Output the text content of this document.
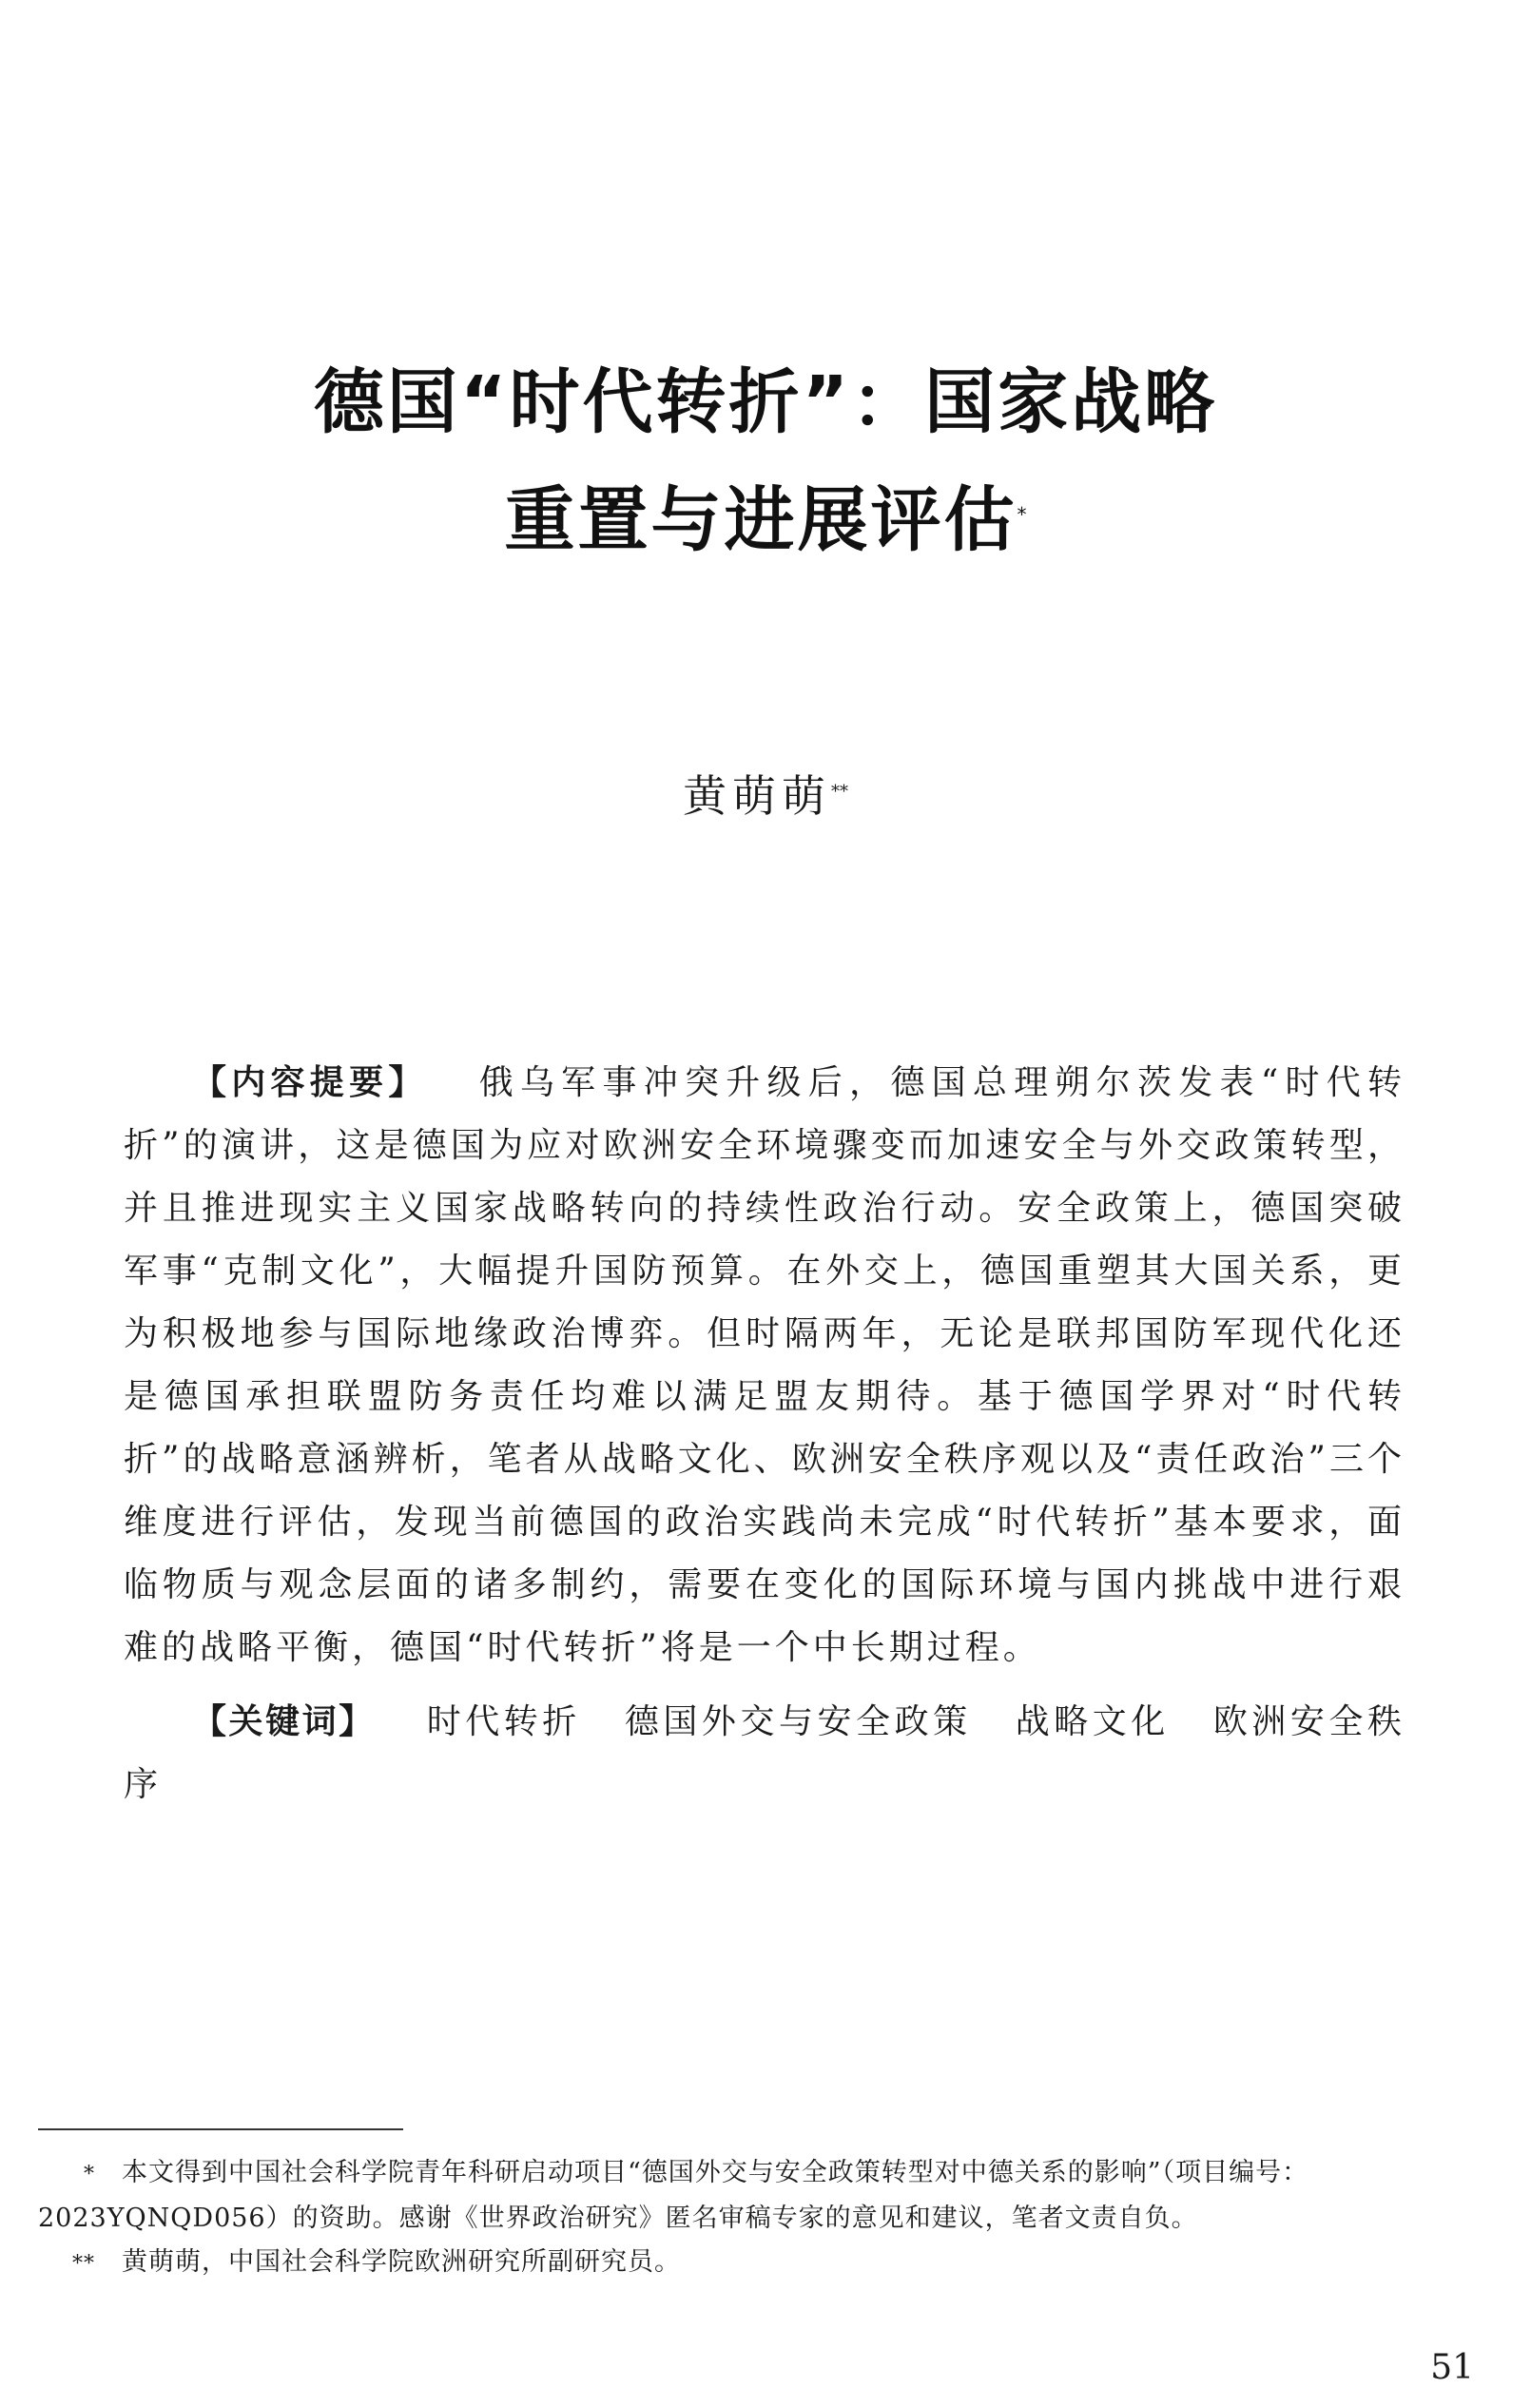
德国“时代转折”：国家战略
重置与进展评估*
黄萌萌**

【内容提要】 俄乌军事冲突升级后，德国总理朔尔茨发表“时代转折”的演讲，这是德国为应对欧洲安全环境骤变而加速安全与外交政策转型，并且推进现实主义国家战略转向的持续性政治行动。安全政策上，德国突破军事“克制文化”，大幅提升国防预算。在外交上，德国重塑其大国关系，更为积极地参与国际地缘政治博弈。但时隔两年，无论是联邦国防军现代化还是德国承担联盟防务责任均难以满足盟友期待。基于德国学界对“时代转折”的战略意涵辨析，笔者从战略文化、欧洲安全秩序观以及“责任政治”三个维度进行评估，发现当前德国的政治实践尚未完成“时代转折”基本要求，面临物质与观念层面的诸多制约，需要在变化的国际环境与国内挑战中进行艰难的战略平衡，德国“时代转折”将是一个中长期过程。

【关键词】 时代转折 德国外交与安全政策 战略文化 欧洲安全秩序

* 本文得到中国社会科学院青年科研启动项目“德国外交与安全政策转型对中德关系的影响”（项目编号：2023YQNQD056）的资助。感谢《世界政治研究》匿名审稿专家的意见和建议，笔者文责自负。

** 黄萌萌，中国社会科学院欧洲研究所副研究员。

51
